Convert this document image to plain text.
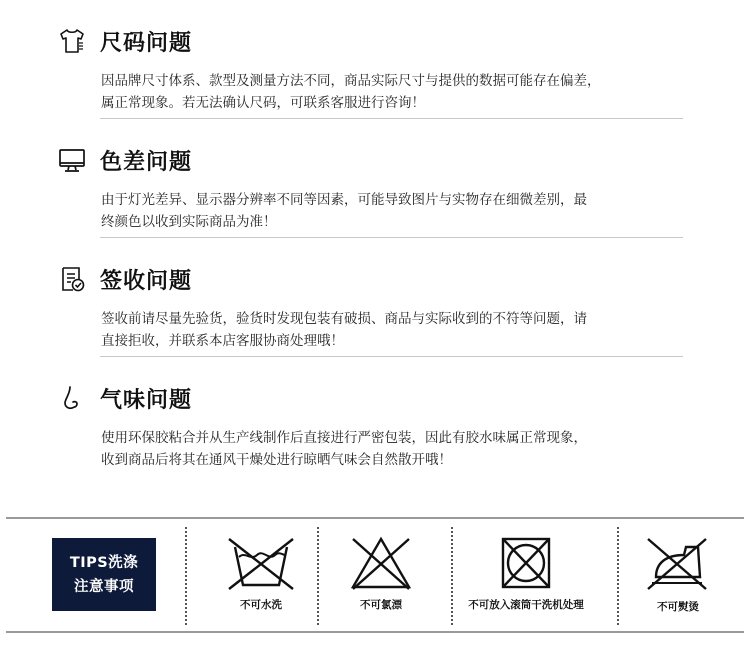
尺码问题
因品牌尺寸体系、款型及测量方法不同，商品实际尺寸与提供的数据可能存在偏差，
属正常现象。若无法确认尺码，可联系客服进行咨询！
色差问题
由于灯光差异、显示器分辨率不同等因素，可能导致图片与实物存在细微差别，最
终颜色以收到实际商品为准！
签收问题
签收前请尽量先验货，验货时发现包装有破损、商品与实际收到的不符等问题，请
直接拒收，并联系本店客服协商处理哦！
气味问题
使用环保胶粘合并从生产线制作后直接进行严密包装，因此有胶水味属正常现象，
收到商品后将其在通风干燥处进行晾晒气味会自然散开哦！
TIPS洗涤
注意事项
不可水洗	不可氯漂	不可放入滚筒干洗机处理	不可熨烫
